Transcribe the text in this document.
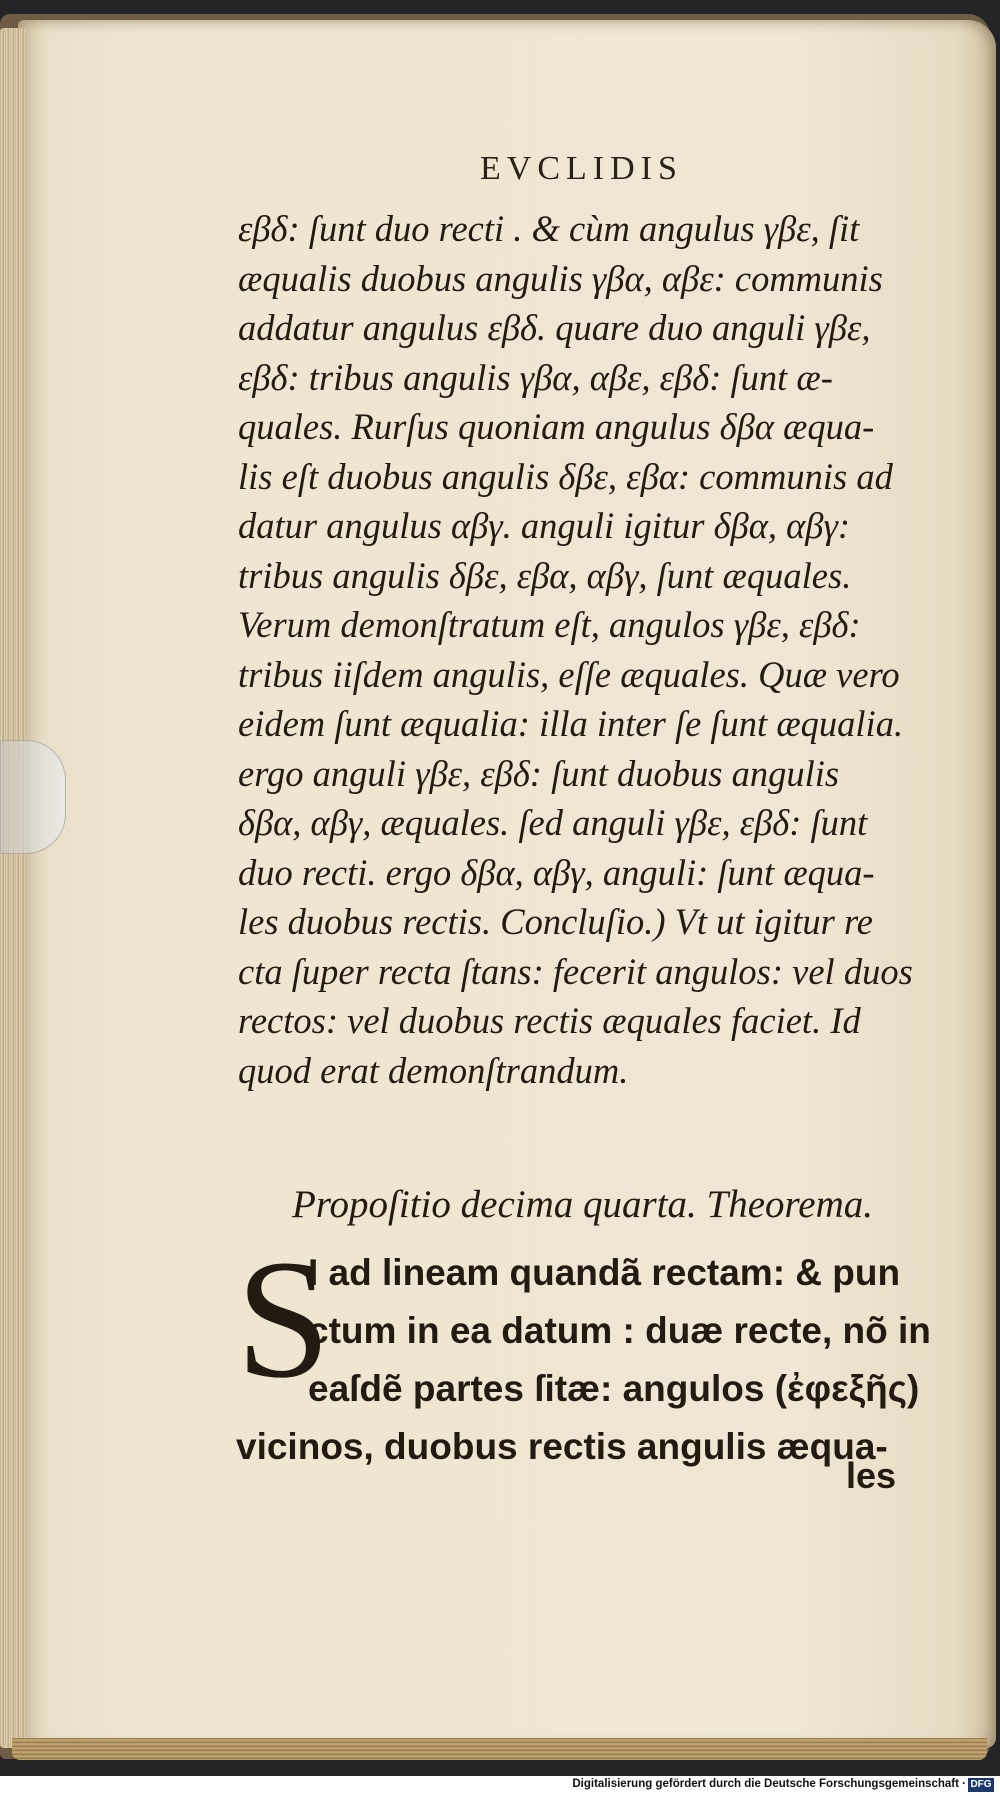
EVCLIDIS
εβδ: ſunt duo recti . & cùm angulus γβε, ſit
æqualis duobus angulis γβα, αβε: communis
addatur angulus εβδ. quare duo anguli γβε,
εβδ: tribus angulis γβα, αβε, εβδ: ſunt æ-
quales. Rurſus quoniam angulus δβα æqua-
lis eſt duobus angulis δβε, εβα: communis ad
datur angulus αβγ. anguli igitur δβα, αβγ:
tribus angulis δβε, εβα, αβγ, ſunt æquales.
Verum demonſtratum eſt, angulos γβε, εβδ:
tribus iiſdem angulis, eſſe æquales. Quæ vero
eidem ſunt æqualia: illa inter ſe ſunt æqualia.
ergo anguli γβε, εβδ: ſunt duobus angulis
δβα, αβγ, æquales. ſed anguli γβε, εβδ: ſunt
duo recti. ergo δβα, αβγ, anguli: ſunt æqua-
les duobus rectis. Concluſio.) Vt ut igitur re
cta ſuper recta ſtans: fecerit angulos: vel duos
rectos: vel duobus rectis æquales faciet. Id
quod erat demonſtrandum.
Propoſitio decima quarta. Theorema.
S
I ad lineam quandã rectam: & pun
ctum in ea datum : duæ recte, nõ in
eaſdẽ partes ſitæ: angulos (ἐφεξῆς)
vicinos, duobus rectis angulis æqua-
les
Digitalisierung gefördert durch die Deutsche Forschungsgemeinschaft · DFG
